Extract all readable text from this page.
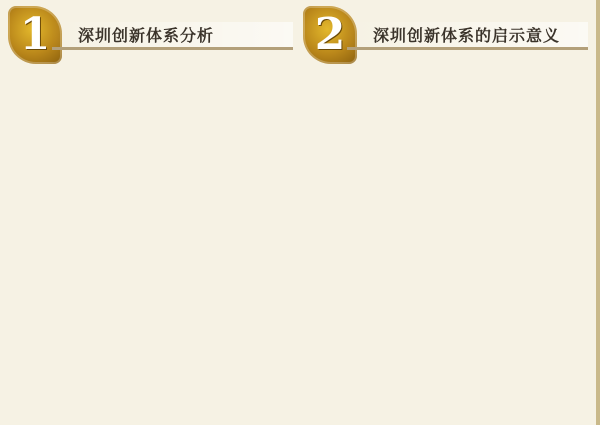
1	深圳创新体系分析 2	深圳创新体系的启示意义
